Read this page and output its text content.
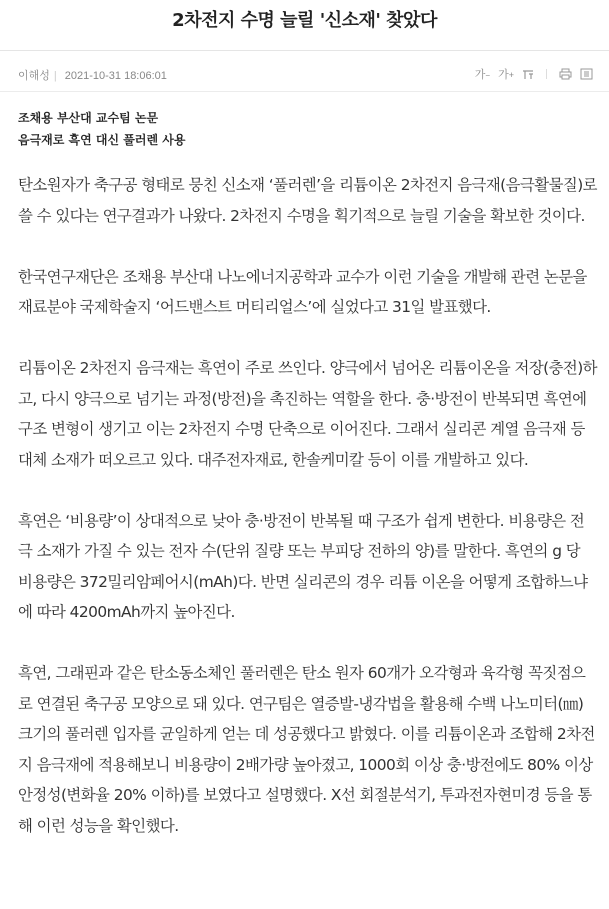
2차전지 수명 늘릴 '신소재' 찾았다
이해성 | 2021-10-31 18:06:01	가− 가+
조채용 부산대 교수팀 논문
음극재로 흑연 대신 풀러렌 사용

탄소원자가 축구공 형태로 뭉친 신소재 ‘풀러렌’을 리튬이온 2차전지 음극재(음극활물질)로 쓸 수 있다는 연구결과가 나왔다. 2차전지 수명을 획기적으로 늘릴 기술을 확보한 것이다.

한국연구재단은 조채용 부산대 나노에너지공학과 교수가 이런 기술을 개발해 관련 논문을 재료분야 국제학술지 ‘어드밴스트 머티리얼스’에 실었다고 31일 발표했다.

리튬이온 2차전지 음극재는 흑연이 주로 쓰인다. 양극에서 넘어온 리튬이온을 저장(충전)하고, 다시 양극으로 넘기는 과정(방전)을 촉진하는 역할을 한다. 충·방전이 반복되면 흑연에 구조 변형이 생기고 이는 2차전지 수명 단축으로 이어진다. 그래서 실리콘 계열 음극재 등 대체 소재가 떠오르고 있다. 대주전자재료, 한솔케미칼 등이 이를 개발하고 있다.

흑연은 ‘비용량’이 상대적으로 낮아 충·방전이 반복될 때 구조가 쉽게 변한다. 비용량은 전극 소재가 가질 수 있는 전자 수(단위 질량 또는 부피당 전하의 양)를 말한다. 흑연의 g 당 비용량은 372밀리암페어시(mAh)다. 반면 실리콘의 경우 리튬 이온을 어떻게 조합하느냐에 따라 4200mAh까지 높아진다.

흑연, 그래핀과 같은 탄소동소체인 풀러렌은 탄소 원자 60개가 오각형과 육각형 꼭짓점으로 연결된 축구공 모양으로 돼 있다. 연구팀은 열증발-냉각법을 활용해 수백 나노미터(㎚) 크기의 풀러렌 입자를 균일하게 얻는 데 성공했다고 밝혔다. 이를 리튬이온과 조합해 2차전지 음극재에 적용해보니 비용량이 2배가량 높아졌고, 1000회 이상 충·방전에도 80% 이상 안정성(변화율 20% 이하)를 보였다고 설명했다. X선 회절분석기, 투과전자현미경 등을 통해 이런 성능을 확인했다.
